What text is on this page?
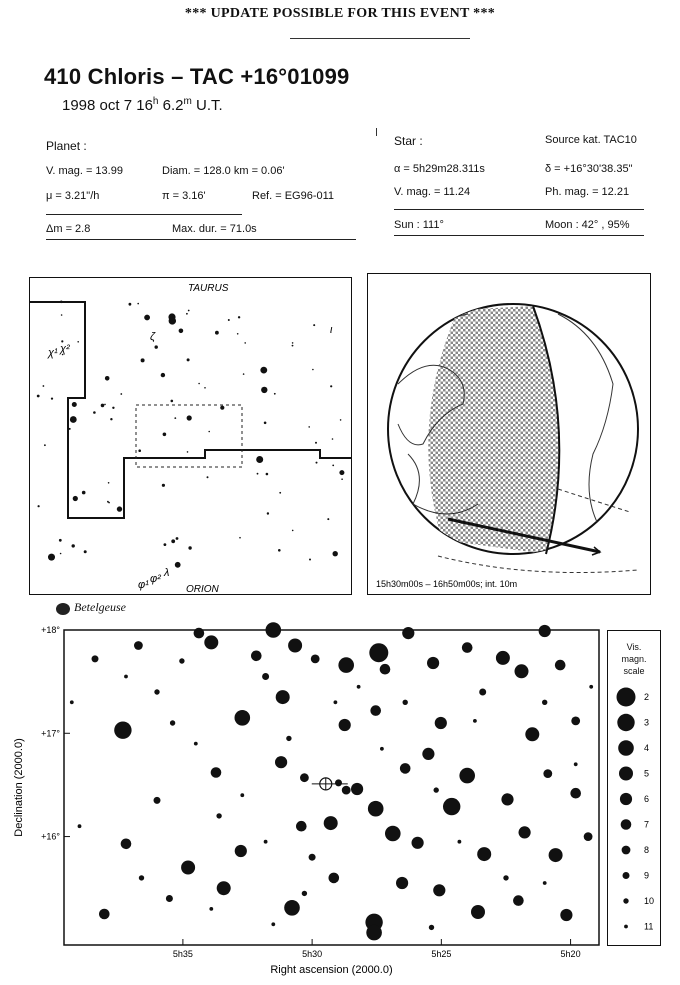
*** UPDATE POSSIBLE FOR THIS EVENT ***
410 Chloris – TAC +16°01099
1998 oct 7 16$^h$ 6.2$^m$ U.T.
Planet :
V. mag. = 13.99	Diam. = 128.0 km = 0.06'
μ = 3.21"/h	π = 3.16'	Ref. = EG96-011
Δm = 2.8	Max. dur. = 71.0s
Star :	Source kat. TAC10
α = 5h29m28.311s	δ = +16°30'38.35"
V. mag. = 11.24	Ph. mag. = 12.21
Sun : 111°	Moon : 42° , 95%
TAURUS
ORION
χ¹ χ²
ζ
ι
φ¹ φ² λ
Betelgeuse
15h30m00s – 16h50m00s; int. 10m
5h35	5h30	5h25	5h20
+18°
+17°
+16°
Right ascension (2000.0)
Declination (2000.0)
Vis.
magn.
scale
2
3
4
5
6
7
8
9
10
11
